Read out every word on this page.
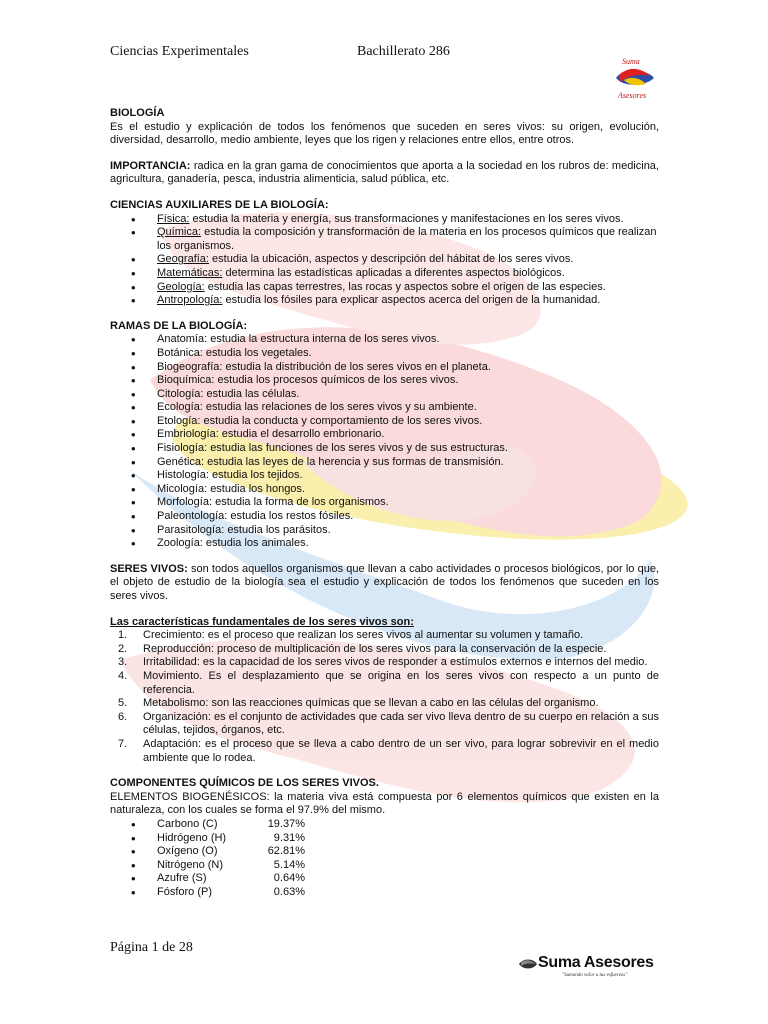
Ciencias Experimentales	Bachillerato 286
Suma
Asesores
BIOLOGÍA

Es el estudio y explicación de todos los fenómenos que suceden en seres vivos: su origen, evolución, diversidad, desarrollo, medio ambiente, leyes que los rigen y relaciones entre ellos, entre otros.

IMPORTANCIA: radica en la gran gama de conocimientos que aporta a la sociedad en los rubros de: medicina, agricultura, ganadería, pesca, industria alimenticia, salud pública, etc.

CIENCIAS AUXILIARES DE LA BIOLOGÍA:
• Física: estudia la materia y energía, sus transformaciones y manifestaciones en los seres vivos.
• Química: estudia la composición y transformación de la materia en los procesos químicos que realizan los organismos.
• Geografía: estudia la ubicación, aspectos y descripción del hábitat de los seres vivos.
• Matemáticas: determina las estadísticas aplicadas a diferentes aspectos biológicos.
• Geología: estudia las capas terrestres, las rocas y aspectos sobre el origen de las especies.
• Antropología: estudia los fósiles para explicar aspectos acerca del origen de la humanidad.
RAMAS DE LA BIOLOGÍA:
• Anatomía: estudia la estructura interna de los seres vivos.
• Botánica: estudia los vegetales.
• Biogeografía: estudia la distribución de los seres vivos en el planeta.
• Bioquímica: estudia los procesos químicos de los seres vivos.
• Citología: estudia las células.
• Ecología: estudia las relaciones de los seres vivos y su ambiente.
• Etología: estudia la conducta y comportamiento de los seres vivos.
• Embriología: estudia el desarrollo embrionario.
• Fisiología: estudia las funciones de los seres vivos y de sus estructuras.
• Genética: estudia las leyes de la herencia y sus formas de transmisión.
• Histología: estudia los tejidos.
• Micología: estudia los hongos.
• Morfología: estudia la forma de los organismos.
• Paleontología: estudia los restos fósiles.
• Parasitología: estudia los parásitos.
• Zoología: estudia los animales.

SERES VIVOS: son todos aquellos organismos que llevan a cabo actividades o procesos biológicos, por lo que, el objeto de estudio de la biología sea el estudio y explicación de todos los fenómenos que suceden en los seres vivos.

Las características fundamentales de los seres vivos son:
1. Crecimiento: es el proceso que realizan los seres vivos al aumentar su volumen y tamaño.
2. Reproducción: proceso de multiplicación de los seres vivos para la conservación de la especie.
3. Irritabilidad: es la capacidad de los seres vivos de responder a estímulos externos e internos del medio.
4. Movimiento. Es el desplazamiento que se origina en los seres vivos con respecto a un punto de referencia.
5. Metabolismo: son las reacciones químicas que se llevan a cabo en las células del organismo.
6. Organización: es el conjunto de actividades que cada ser vivo lleva dentro de su cuerpo en relación a sus células, tejidos, órganos, etc.
7. Adaptación: es el proceso que se lleva a cabo dentro de un ser vivo, para lograr sobrevivir en el medio ambiente que lo rodea.
COMPONENTES QUÍMICOS DE LOS SERES VIVOS.

ELEMENTOS BIOGENÉSICOS: la materia viva está compuesta por 6 elementos químicos que existen en la naturaleza, con los cuales se forma el 97.9% del mismo.

• Carbono (C)	19.37%
• Hidrógeno (H)	9.31%
• Oxígeno (O)	62.81%
• Nitrógeno (N)	5.14%
• Azufre (S)	0.64%
• Fósforo (P)	0.63%
Página 1 de 28
Suma Asesores
"Sumando valor a tus esfuerzos"
